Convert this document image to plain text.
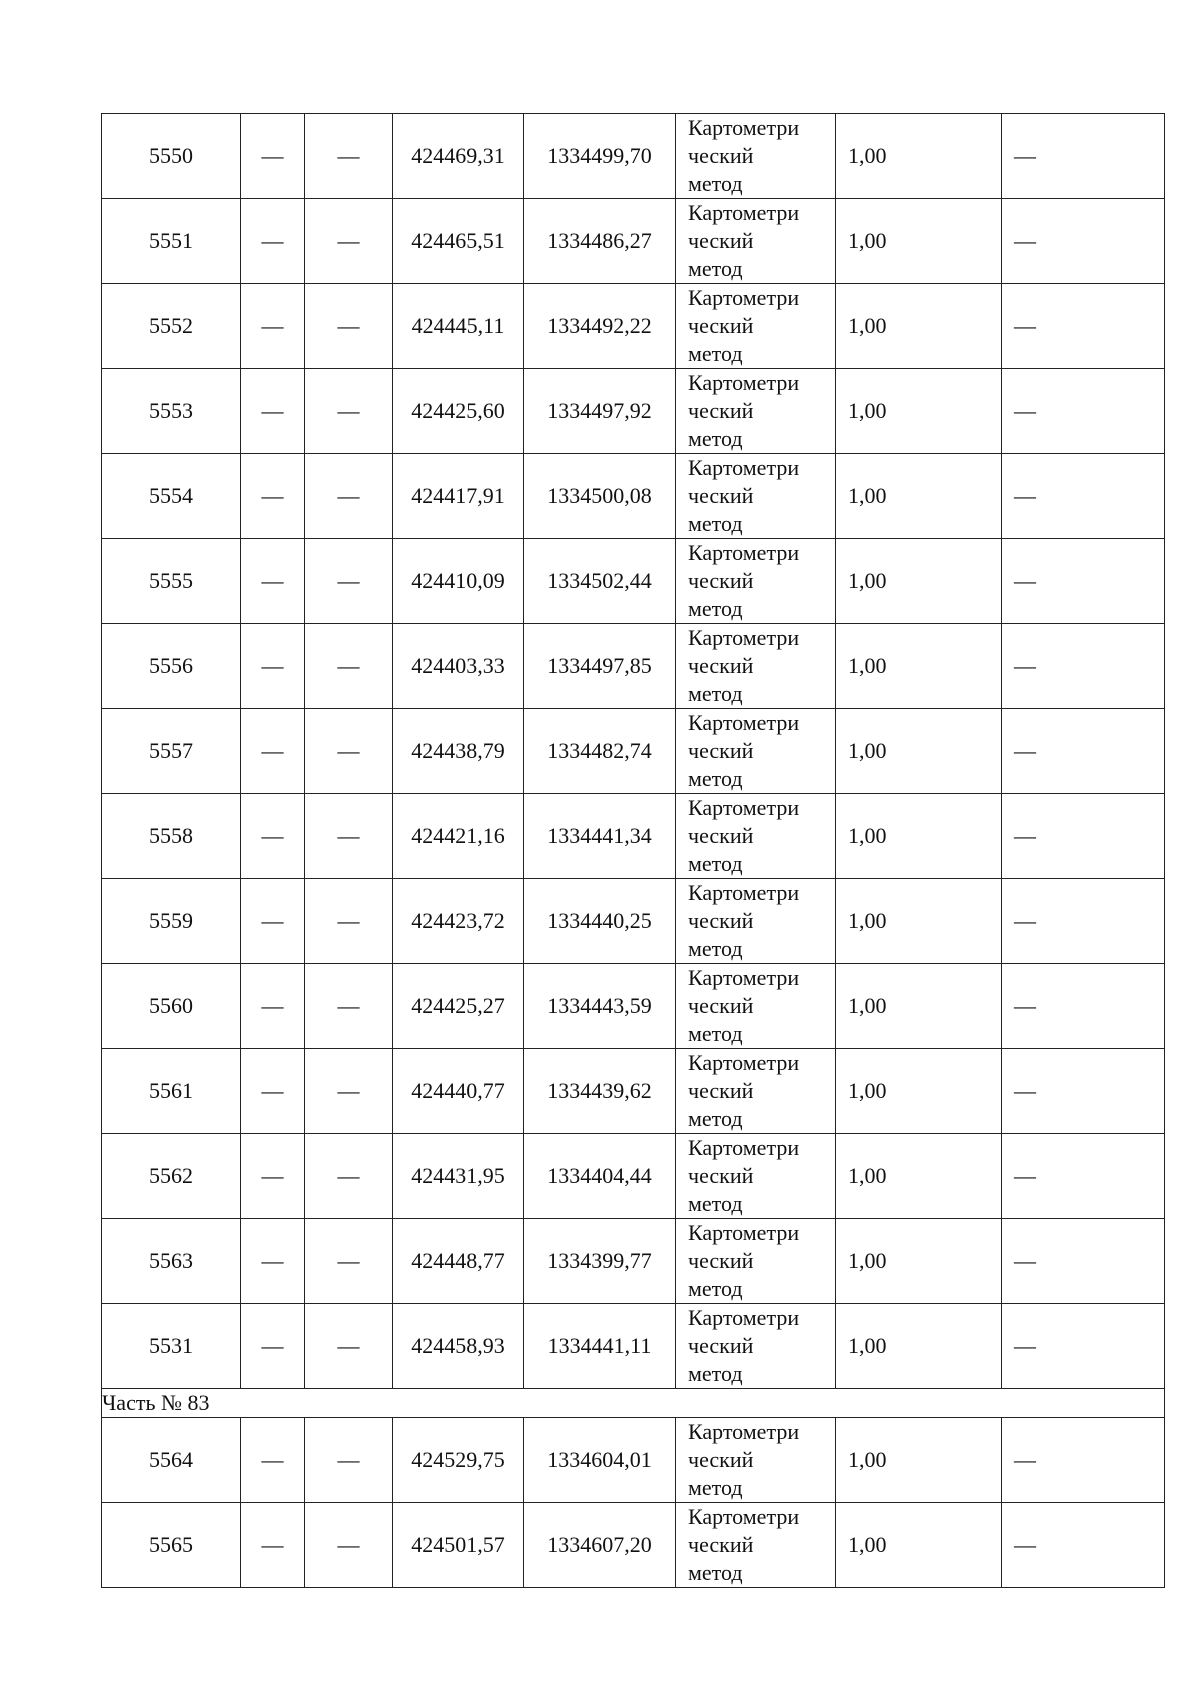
5550	—	—	424469,31	1334499,70	Картометри
ческий
метод	1,00	—
5551	—	—	424465,51	1334486,27	Картометри
ческий
метод	1,00	—
5552	—	—	424445,11	1334492,22	Картометри
ческий
метод	1,00	—
5553	—	—	424425,60	1334497,92	Картометри
ческий
метод	1,00	—
5554	—	—	424417,91	1334500,08	Картометри
ческий
метод	1,00	—
5555	—	—	424410,09	1334502,44	Картометри
ческий
метод	1,00	—
5556	—	—	424403,33	1334497,85	Картометри
ческий
метод	1,00	—
5557	—	—	424438,79	1334482,74	Картометри
ческий
метод	1,00	—
5558	—	—	424421,16	1334441,34	Картометри
ческий
метод	1,00	—
5559	—	—	424423,72	1334440,25	Картометри
ческий
метод	1,00	—
5560	—	—	424425,27	1334443,59	Картометри
ческий
метод	1,00	—
5561	—	—	424440,77	1334439,62	Картометри
ческий
метод	1,00	—
5562	—	—	424431,95	1334404,44	Картометри
ческий
метод	1,00	—
5563	—	—	424448,77	1334399,77	Картометри
ческий
метод	1,00	—
5531	—	—	424458,93	1334441,11	Картометри
ческий
метод	1,00	—
Часть № 83							
5564	—	—	424529,75	1334604,01	Картометри
ческий
метод	1,00	—
5565	—	—	424501,57	1334607,20	Картометри
ческий
метод	1,00	—
